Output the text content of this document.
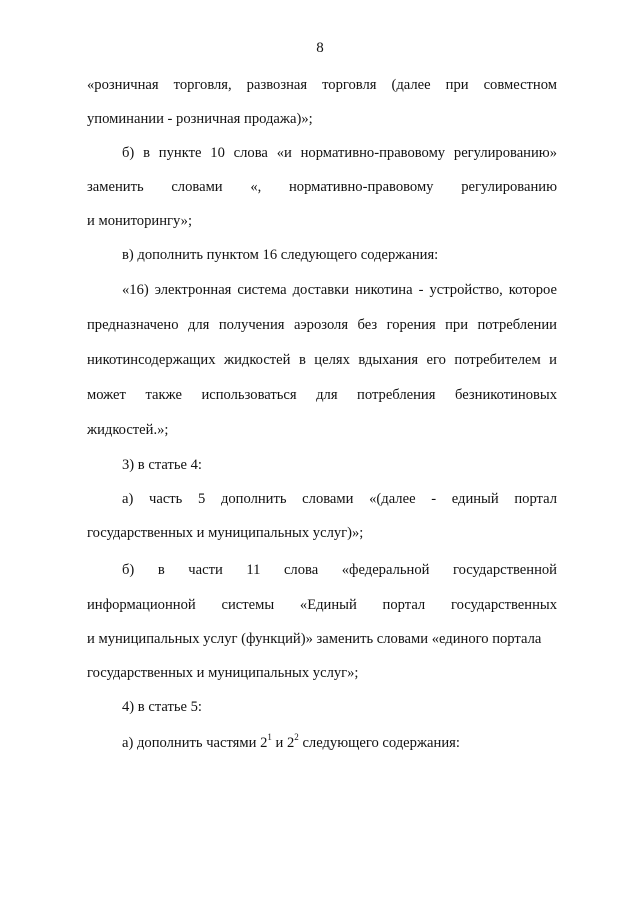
8
«розничная торговля, развозная торговля (далее при совместном
упоминании - розничная продажа)»;
б) в пункте 10 слова «и нормативно-правовому регулированию»
заменить словами «, нормативно-правовому регулированию
и мониторингу»;
в) дополнить пунктом 16 следующего содержания:
«16) электронная система доставки никотина - устройство, которое
предназначено для получения аэрозоля без горения при потреблении
никотинсодержащих жидкостей в целях вдыхания его потребителем и
может также использоваться для потребления безникотиновых
жидкостей.»;
3) в статье 4:
а) часть 5 дополнить словами «(далее - единый портал
государственных и муниципальных услуг)»;
б) в части 11 слова «федеральной государственной
информационной системы «Единый портал государственных
и муниципальных услуг (функций)» заменить словами «единого портала
государственных и муниципальных услуг»;
4) в статье 5:
а) дополнить частями $2^1$ и $2^2$ следующего содержания:
